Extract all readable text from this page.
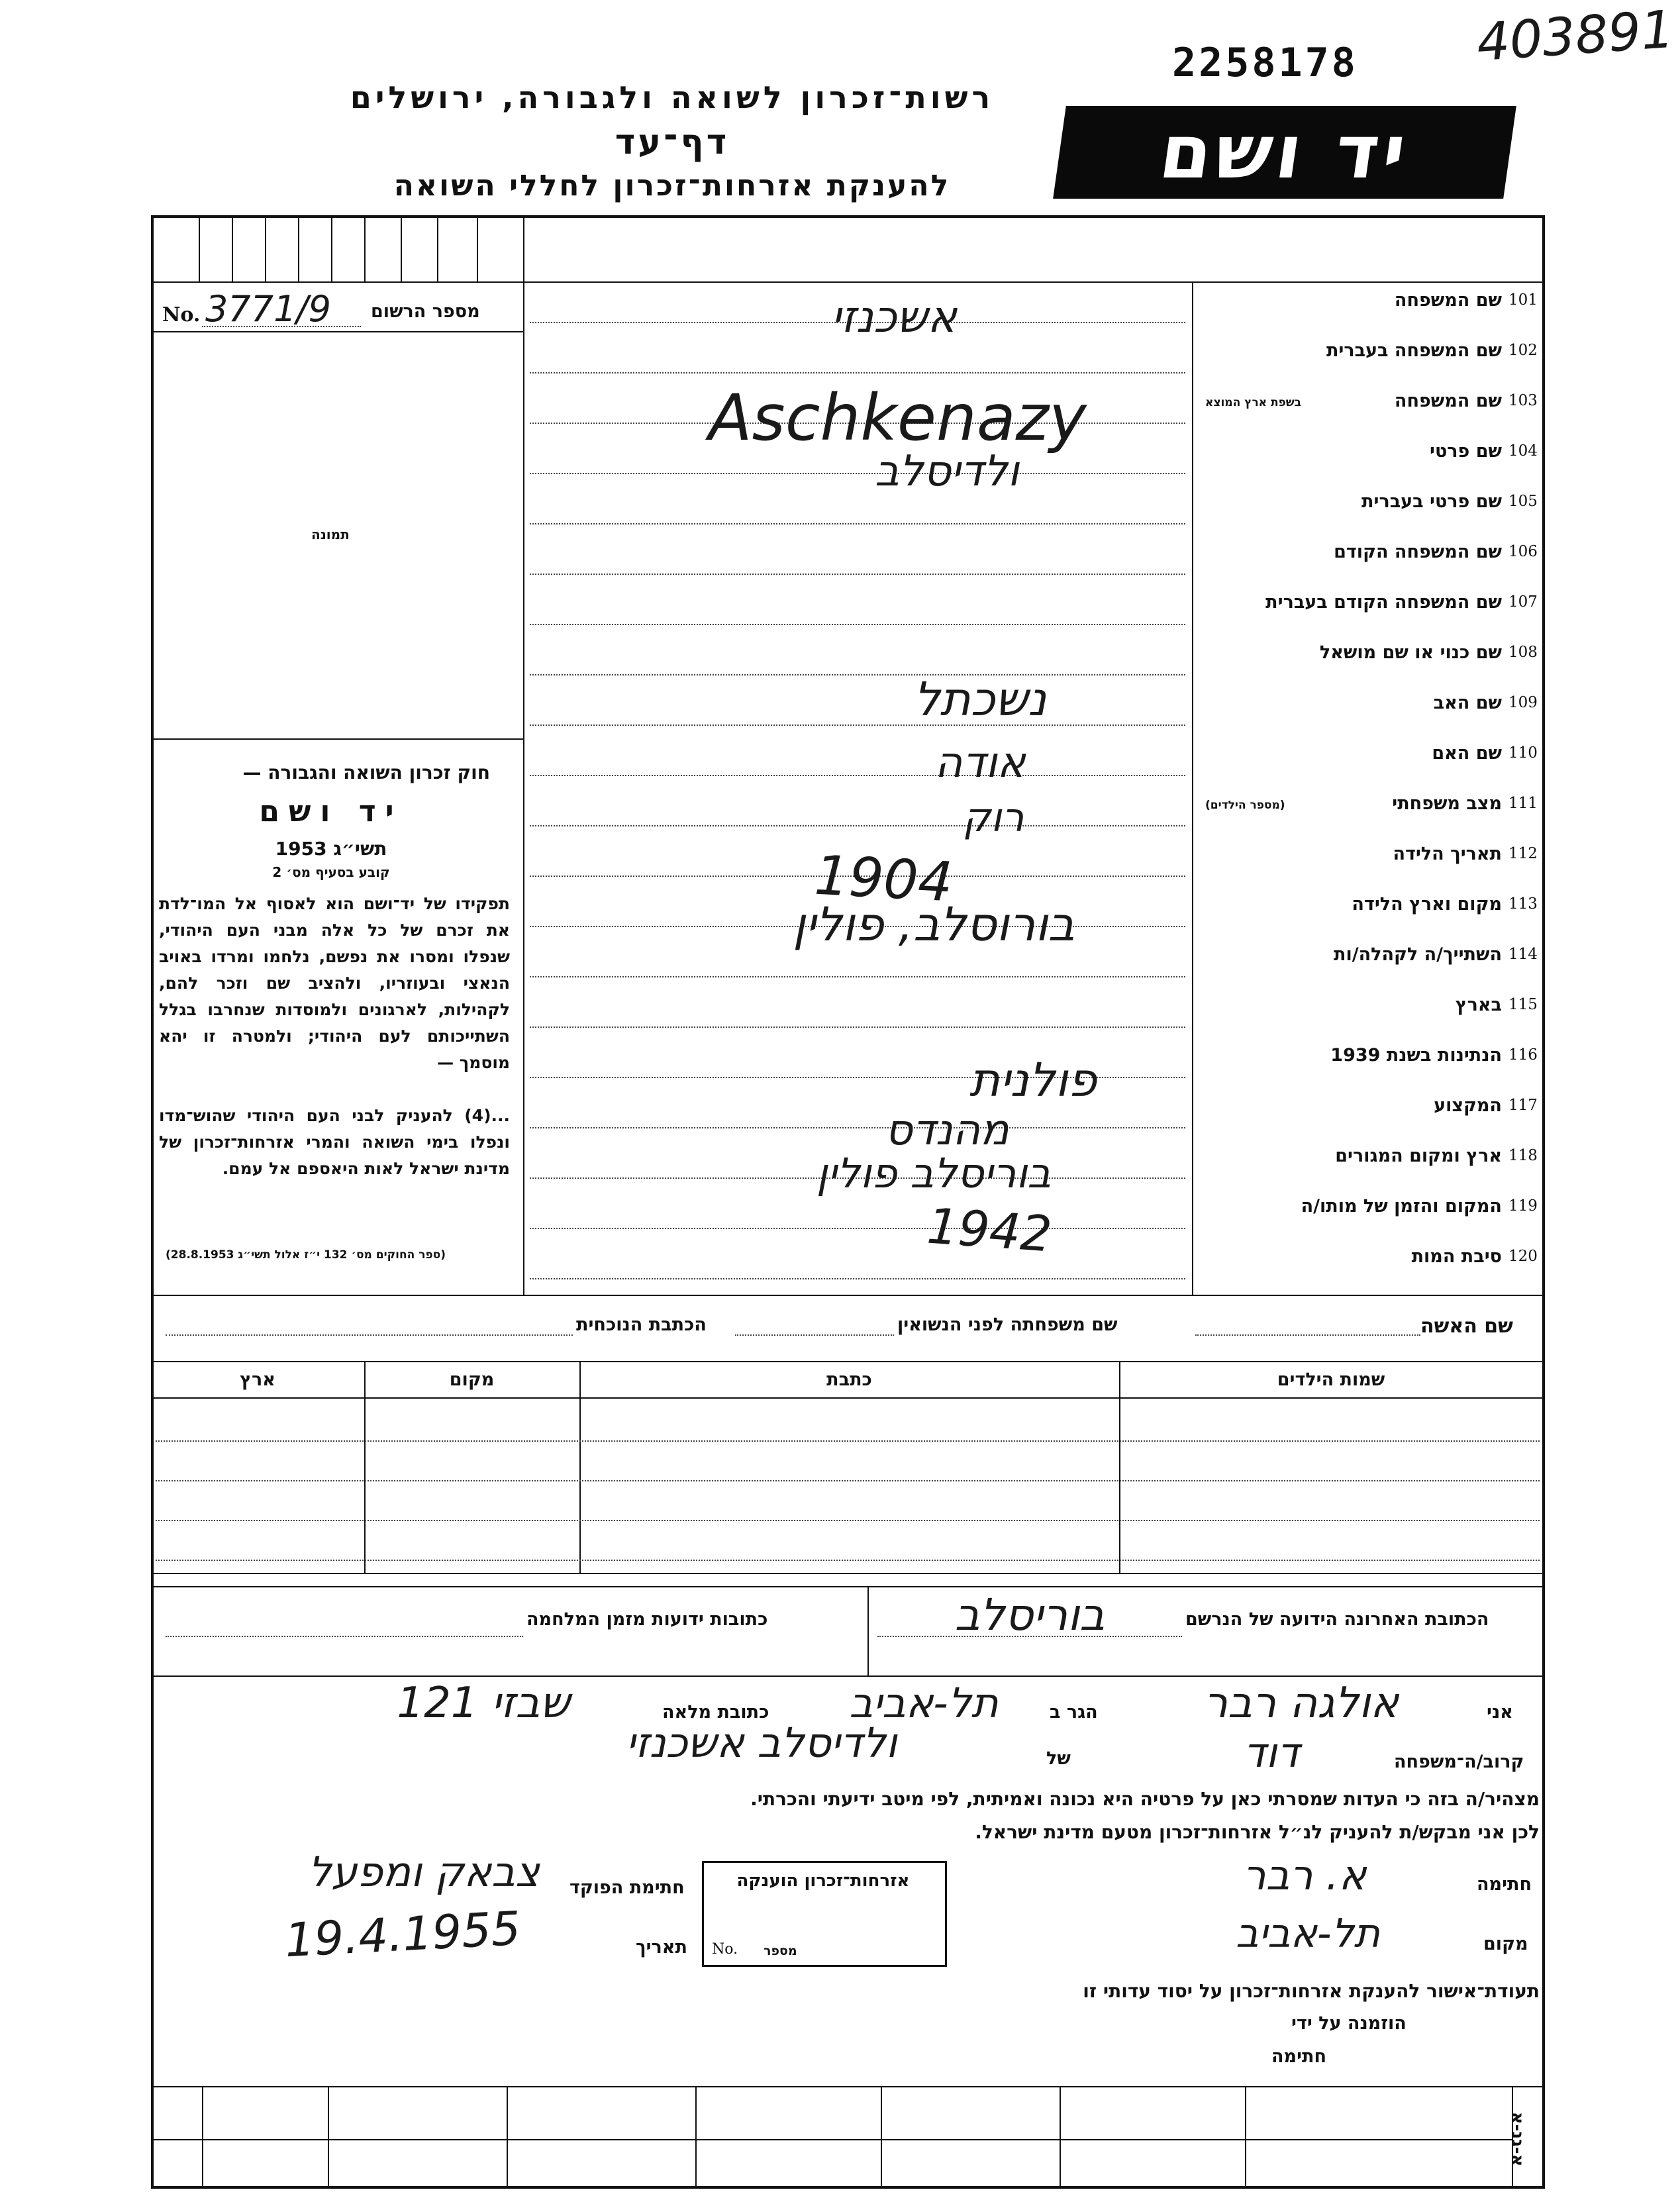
403891
2258178
רשות־זכרון לשואה ולגבורה, ירושלים
דף־עד
להענקת אזרחות־זכרון לחללי השואה	יד ושם
מספר הרשום
No. 3771/9
תמונה
חוק זכרון השואה והגבורה —
יד ושם
תשי״ג 1953
קובע בסעיף מס׳ 2
תפקידו של יד־ושם הוא לאסוף אל המו־לדת את זכרם של כל אלה מבני העם היהודי, שנפלו ומסרו את נפשם, נלחמו ומרדו באויב הנאצי ובעוזריו, ולהציב שם וזכר להם, לקהילות, לארגונים ולמוסדות שנחרבו בגלל השתייכותם לעם היהודי; ולמטרה זו יהא מוסמך —
...(4) להעניק לבני העם היהודי שהוש־מדו ונפלו בימי השואה והמרי אזרחות־זכרון של מדינת ישראל לאות היאספם אל עמם.
(ספר החוקים מס׳ 132 י״ז אלול תשי״ג 28.8.1953)
101
שם המשפחה
102
שם המשפחה בעברית
103
שם המשפחה
בשפת ארץ המוצא
104
שם פרטי
105
שם פרטי בעברית
106
שם המשפחה הקודם
107
שם המשפחה הקודם בעברית
108
שם כנוי או שם מושאל
109
שם האב
110
שם האם
111
מצב משפחתי
(מספר הילדים)
112
תאריך הלידה
113
מקום וארץ הלידה
114
השתייך/ה לקהלה/ות
115
בארץ
116
הנתינות בשנת 1939
117
המקצוע
118
ארץ ומקום המגורים
119
המקום והזמן של מותו/ה
120
סיבת המות
אשכנזי
Aschkenazy
ולדיסלב
נשכתל
אודה
רוק
1904
בורוסלב, פולין
פולנית
מהנדס
בוריסלב פולין
1942
שם האשה
שם משפחתה לפני הנשואין
הכתבת הנוכחית
שמות הילדים
כתבת
מקום
ארץ
הכתובת האחרונה הידועה של הנרשם
בוריסלב
כתובות ידועות מזמן המלחמה
אני
אולגה רבר
הגר ב
תל-אביב
כתובת מלאה
שבזי 121
קרוב/ה־משפחה
דוד
של
ולדיסלב אשכנזי
מצהיר/ה בזה כי העדות שמסרתי כאן על פרטיה היא נכונה ואמיתית, לפי מיטב ידיעתי והכרתי.
לכן אני מבקש/ת להעניק לנ״ל אזרחות־זכרון מטעם מדינת ישראל.
חתימה
א. רבר
מקום
תל-אביב
אזרחות־זכרון הוענקה
מספר
No.
חתימת הפוקד
צבאק ומפעל
תאריך
19.4.1955
תעודת־אישור להענקת אזרחות־זכרון על יסוד עדותי זו
הוזמנה על ידי
חתימה
א-גנ-א
